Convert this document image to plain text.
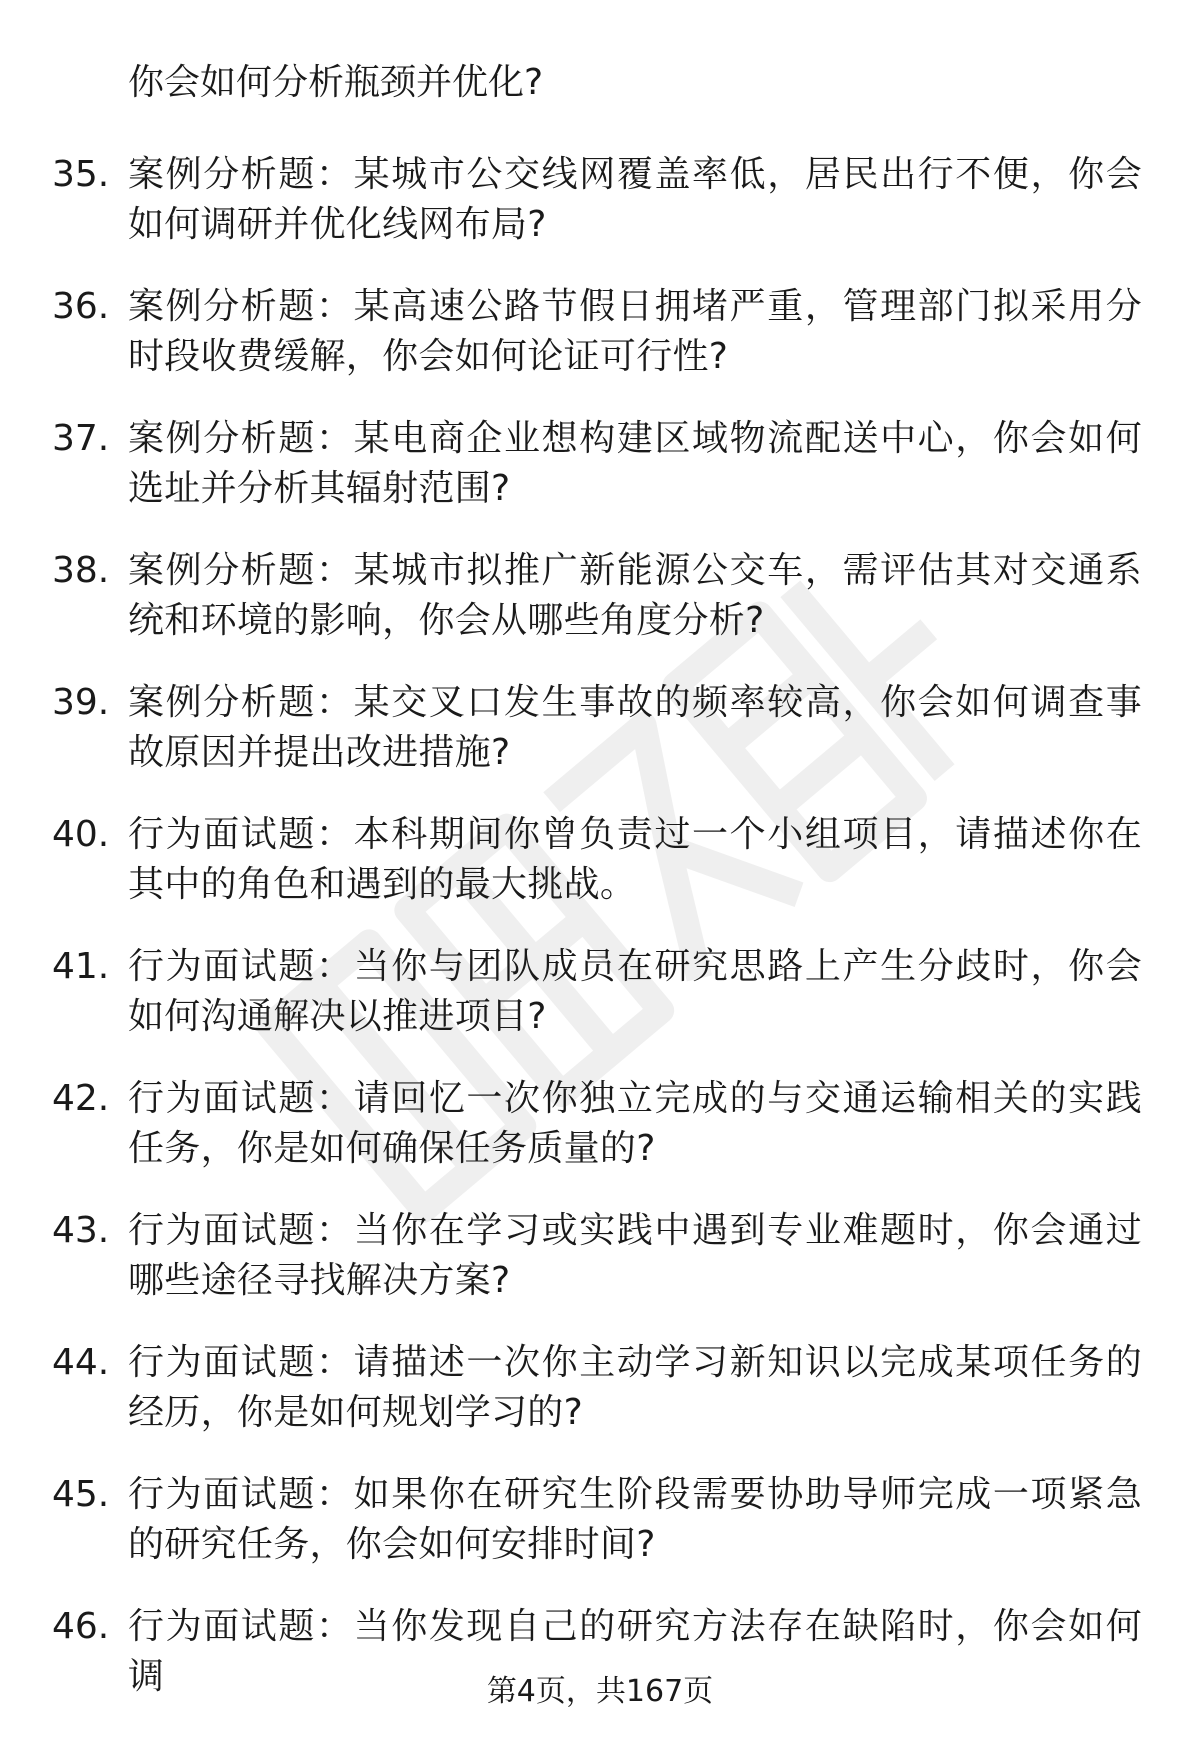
你会如何分析瓶颈并优化?

35. 案例分析题：某城市公交线网覆盖率低，居民出行不便，你会如何调研并优化线网布局?
36. 案例分析题：某高速公路节假日拥堵严重，管理部门拟采用分时段收费缓解，你会如何论证可行性?
37. 案例分析题：某电商企业想构建区域物流配送中心，你会如何选址并分析其辐射范围?
38. 案例分析题：某城市拟推广新能源公交车，需评估其对交通系统和环境的影响，你会从哪些角度分析?
39. 案例分析题：某交叉口发生事故的频率较高，你会如何调查事故原因并提出改进措施?
40. 行为面试题：本科期间你曾负责过一个小组项目，请描述你在其中的角色和遇到的最大挑战。
41. 行为面试题：当你与团队成员在研究思路上产生分歧时，你会如何沟通解决以推进项目?
42. 行为面试题：请回忆一次你独立完成的与交通运输相关的实践任务，你是如何确保任务质量的?
43. 行为面试题：当你在学习或实践中遇到专业难题时，你会通过哪些途径寻找解决方案?
44. 行为面试题：请描述一次你主动学习新知识以完成某项任务的经历，你是如何规划学习的?
45. 行为面试题：如果你在研究生阶段需要协助导师完成一项紧急的研究任务，你会如何安排时间?
46. 行为面试题：当你发现自己的研究方法存在缺陷时，你会如何调	第4页，共167页
